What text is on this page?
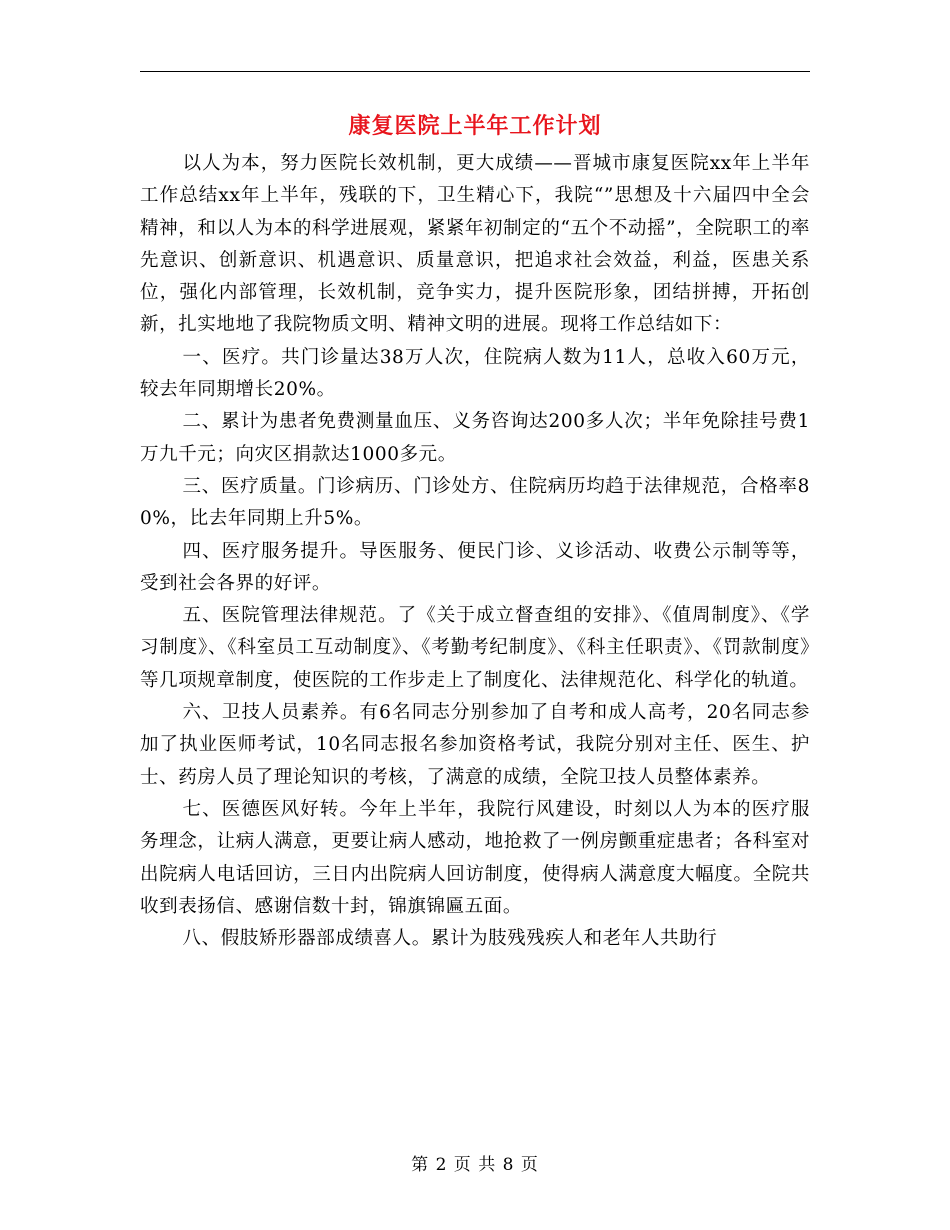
康复医院上半年工作计划

以人为本，努力医院长效机制，更大成绩——晋城市康复医院xx年上半年工作总结xx年上半年，残联的下，卫生精心下，我院“”思想及十六届四中全会精神，和以人为本的科学进展观，紧紧年初制定的“五个不动摇”，全院职工的率先意识、创新意识、机遇意识、质量意识，把追求社会效益，利益，医患关系位，强化内部管理，长效机制，竞争实力，提升医院形象，团结拼搏，开拓创新，扎实地地了我院物质文明、精神文明的进展。现将工作总结如下：

一、医疗。共门诊量达38万人次，住院病人数为11人，总收入60万元，较去年同期增长20%。

二、累计为患者免费测量血压、义务咨询达200多人次；半年免除挂号费1万九千元；向灾区捐款达1000多元。

三、医疗质量。门诊病历、门诊处方、住院病历均趋于法律规范，合格率80%，比去年同期上升5%。

四、医疗服务提升。导医服务、便民门诊、义诊活动、收费公示制等等，受到社会各界的好评。

五、医院管理法律规范。了《关于成立督查组的安排》、《值周制度》、《学习制度》、《科室员工互动制度》、《考勤考纪制度》、《科主任职责》、《罚款制度》等几项规章制度，使医院的工作步走上了制度化、法律规范化、科学化的轨道。

六、卫技人员素养。有6名同志分别参加了自考和成人高考，20名同志参加了执业医师考试，10名同志报名参加资格考试，我院分别对主任、医生、护士、药房人员了理论知识的考核，了满意的成绩，全院卫技人员整体素养。

七、医德医风好转。今年上半年，我院行风建设，时刻以人为本的医疗服务理念，让病人满意，更要让病人感动，地抢救了一例房颤重症患者；各科室对出院病人电话回访，三日内出院病人回访制度，使得病人满意度大幅度。全院共收到表扬信、感谢信数十封，锦旗锦匾五面。

八、假肢矫形器部成绩喜人。累计为肢残残疾人和老年人共助行

第 2 页 共 8 页
